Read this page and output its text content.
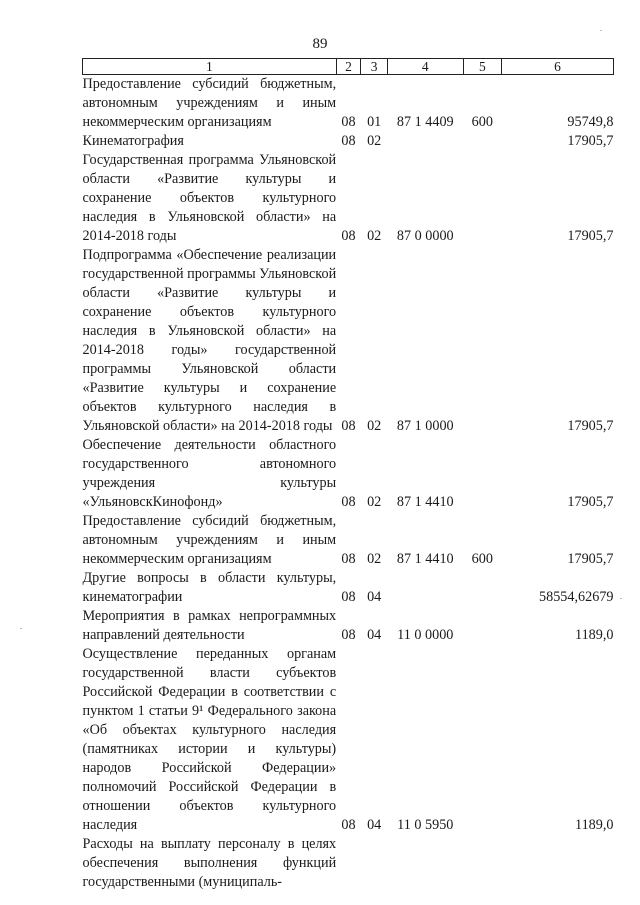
89
1	2	3	4	5	6
Предоставление субсидий бюджетным, автономным учреждениям и иным некоммерческим организациям	08	01	87 1 4409	600	95749,8
Кинематография	08	02			17905,7
Государственная программа Ульяновской области «Развитие культуры и сохранение объектов культурного наследия в Ульяновской области» на 2014-2018 годы	08	02	87 0 0000		17905,7
Подпрограмма «Обеспечение реализации государственной программы Ульяновской области «Развитие культуры и сохранение объектов культурного наследия в Ульяновской области» на 2014-2018 годы» государственной программы Ульяновской области «Развитие культуры и сохранение объектов культурного наследия в Ульяновской области» на 2014-2018 годы	08	02	87 1 0000		17905,7
Обеспечение деятельности областного государственного автономного учреждения культуры «УльяновскКинофонд»	08	02	87 1 4410		17905,7
Предоставление субсидий бюджетным, автономным учреждениям и иным некоммерческим организациям	08	02	87 1 4410	600	17905,7
Другие вопросы в области культуры, кинематографии	08	04			58554,62679
Мероприятия в рамках непрограммных направлений деятельности	08	04	11 0 0000		1189,0
Осуществление переданных органам государственной власти субъектов Российской Федерации в соответствии с пунктом 1 статьи 9¹ Федерального закона «Об объектах культурного наследия (памятниках истории и культуры) народов Российской Федерации» полномочий Российской Федерации в отношении объектов культурного наследия	08	04	11 0 5950		1189,0
Расходы на выплату персоналу в целях обеспечения выполнения функций государственными (муниципаль-					
